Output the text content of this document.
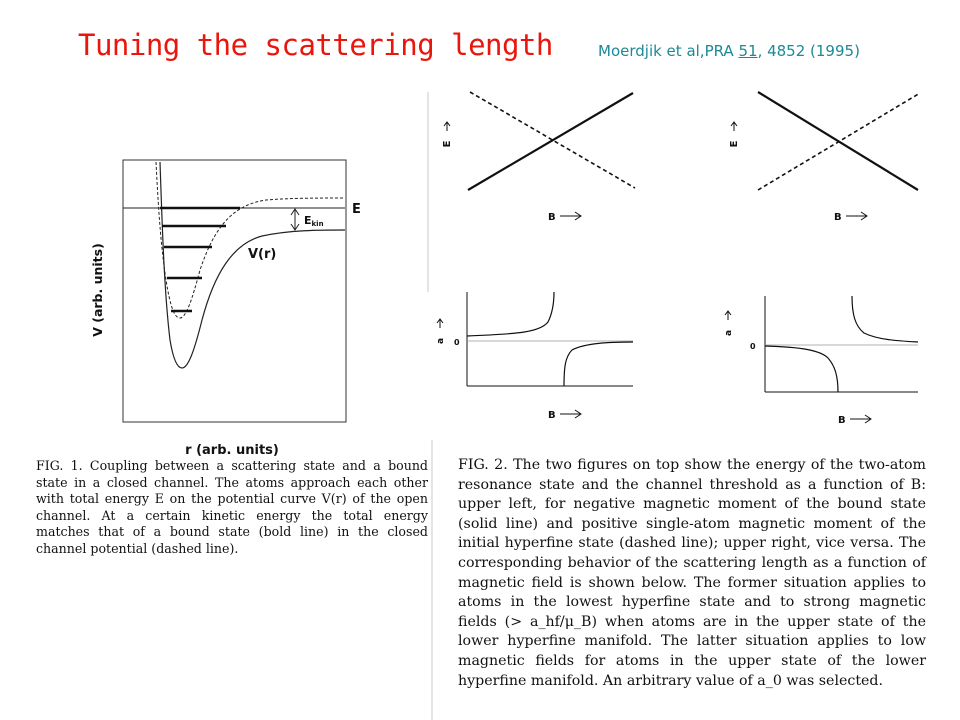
Tuning the scattering length	Moerdjik et al,PRA 51, 4852 (1995)
E
Ekin
V(r)
V (arb. units)
r (arb. units)
E
B
E
B
0
a
B
0
a
B
FIG. 1. Coupling between a scattering state and a bound state in a closed channel. The atoms approach each other with total energy E on the potential curve V(r) of the open channel. At a certain kinetic energy the total energy matches that of a bound state (bold line) in the closed channel potential (dashed line).
FIG. 2. The two figures on top show the energy of the two-atom resonance state and the channel threshold as a function of B: upper left, for negative magnetic moment of the bound state (solid line) and positive single-atom magnetic moment of the initial hyperfine state (dashed line); upper right, vice versa. The corresponding behavior of the scattering length as a function of magnetic field is shown below. The former situation applies to atoms in the lowest hyperfine state and to strong magnetic fields (> a_hf/μ_B) when atoms are in the upper state of the lower hyperfine manifold. The latter situation applies to low magnetic fields for atoms in the upper state of the lower hyperfine manifold. An arbitrary value of a_0 was selected.
